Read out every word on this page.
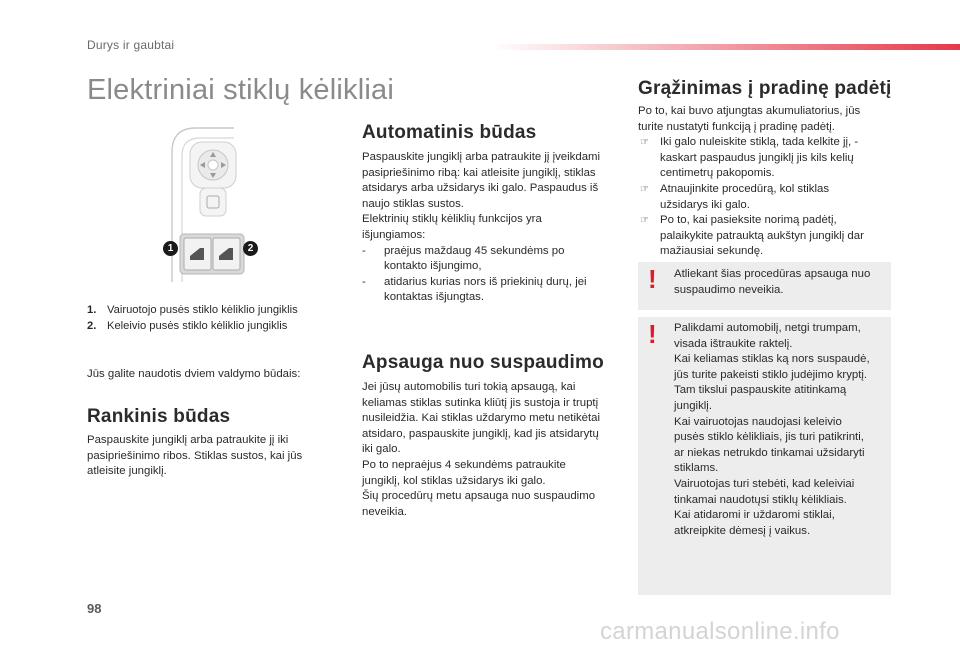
Durys ir gaubtai
Elektriniai stiklų kėlikliai
1	2
1. Vairuotojo pusės stiklo kėliklio jungiklis
2. Keleivio pusės stiklo kėliklio jungiklis
Jūs galite naudotis dviem valdymo būdais:
Rankinis būdas
Paspauskite jungiklį arba patraukite jį iki
pasipriešinimo ribos. Stiklas sustos, kai jūs
atleisite jungiklį.
Automatinis būdas
Paspauskite jungiklį arba patraukite jį įveikdami
pasipriešinimo ribą: kai atleisite jungiklį, stiklas
atsidarys arba užsidarys iki galo. Paspaudus iš
naujo stiklas sustos.
Elektrinių stiklų kėliklių funkcijos yra
išjungiamos:
- praėjus maždaug 45 sekundėms po
kontakto išjungimo,
- atidarius kurias nors iš priekinių durų, jei
kontaktas išjungtas.
Apsauga nuo suspaudimo
Jei jūsų automobilis turi tokią apsaugą, kai
keliamas stiklas sutinka kliūtį jis sustoja ir truptį
nusileidžia. Kai stiklas uždarymo metu netikėtai
atsidaro, paspauskite jungiklį, kad jis atsidarytų
iki galo.
Po to nepraėjus 4 sekundėms patraukite
jungiklį, kol stiklas užsidarys iki galo.
Šių procedūrų metu apsauga nuo suspaudimo
neveikia.
Grąžinimas į pradinę padėtį
Po to, kai buvo atjungtas akumuliatorius, jūs
turite nustatyti funkciją į pradinę padėtį.
☞ Iki galo nuleiskite stiklą, tada kelkite jį, -
kaskart paspaudus jungiklį jis kils kelių
centimetrų pakopomis.
☞ Atnaujinkite procedūrą, kol stiklas
užsidarys iki galo.
☞ Po to, kai pasieksite norimą padėtį,
palaikykite patrauktą aukštyn jungiklį dar
mažiausiai sekundę.
! Atliekant šias procedūras apsauga nuo
suspaudimo neveikia.
! Palikdami automobilį, netgi trumpam,
visada ištraukite raktelį.
Kai keliamas stiklas ką nors suspaudė,
jūs turite pakeisti stiklo judėjimo kryptį.
Tam tikslui paspauskite atitinkamą
jungiklį.
Kai vairuotojas naudojasi keleivio
pusės stiklo kėlikliais, jis turi patikrinti,
ar niekas netrukdo tinkamai užsidaryti
stiklams.
Vairuotojas turi stebėti, kad keleiviai
tinkamai naudotųsi stiklų kėlikliais.
Kai atidaromi ir uždaromi stiklai,
atkreipkite dėmesį į vaikus.
98
carmanualsonline.info
